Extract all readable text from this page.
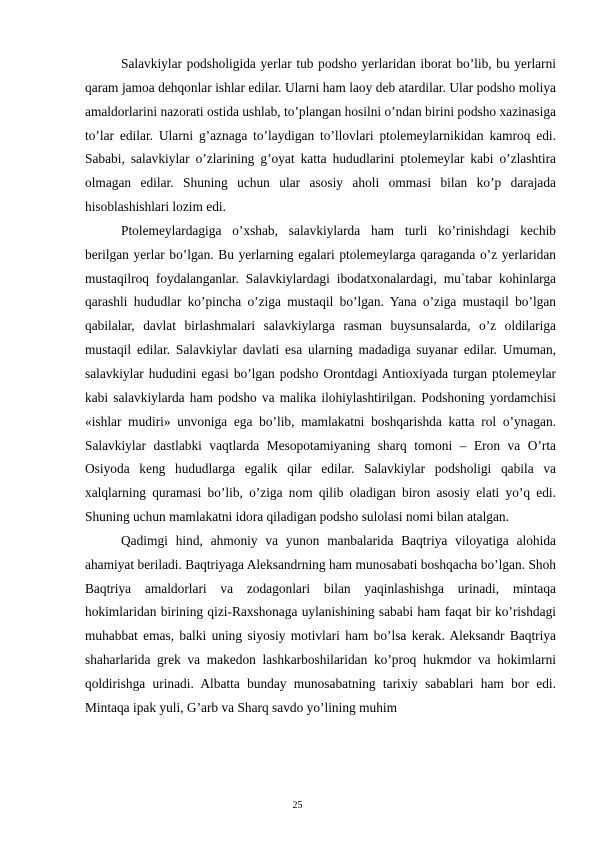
Salavkiylar podsholigida yerlar tub podsho yerlaridan iborat bo’lib, bu yerlarni qaram jamoa dehqonlar ishlar edilar. Ularni ham laoy deb atardilar. Ular podsho moliya amaldorlarini nazorati ostida ushlab, to’plangan hosilni o’ndan birini podsho xazinasiga to’lar edilar. Ularni g’aznaga to’laydigan to’llovlari ptolemeylarnikidan kamroq edi. Sababi, salavkiylar o’zlarining g’oyat katta hududlarini ptolemeylar kabi o’zlashtira olmagan edilar. Shuning uchun ular asosiy aholi ommasi bilan ko’p darajada hisoblashishlari lozim edi.

Ptolemeylardagiga o’xshab, salavkiylarda ham turli ko’rinishdagi kechib berilgan yerlar bo’lgan. Bu yerlarning egalari ptolemeylarga qaraganda o’z yerlaridan mustaqilroq foydalanganlar. Salavkiylardagi ibodatxonalardagi, mu`tabar kohinlarga qarashli hududlar ko’pincha o’ziga mustaqil bo’lgan. Yana o’ziga mustaqil bo’lgan qabilalar, davlat birlashmalari salavkiylarga rasman buysunsalarda, o’z oldilariga mustaqil edilar. Salavkiylar davlati esa ularning madadiga suyanar edilar. Umuman, salavkiylar hududini egasi bo’lgan podsho Orontdagi Antioxiyada turgan ptolemeylar kabi salavkiylarda ham podsho va malika ilohiylashtirilgan. Podshoning yordamchisi «ishlar mudiri» unvoniga ega bo’lib, mamlakatni boshqarishda katta rol o’ynagan. Salavkiylar dastlabki vaqtlarda Mesopotamiyaning sharq tomoni – Eron va O’rta Osiyoda keng hududlarga egalik qilar edilar. Salavkiylar podsholigi qabila va xalqlarning quramasi bo’lib, o’ziga nom qilib oladigan biron asosiy elati yo’q edi. Shuning uchun mamlakatni idora qiladigan podsho sulolasi nomi bilan atalgan.

Qadimgi hind, ahmoniy va yunon manbalarida Baqtriya viloyatiga alohida ahamiyat beriladi. Baqtriyaga Aleksandrning ham munosabati boshqacha bo’lgan. Shoh Baqtriya amaldorlari va zodagonlari bilan yaqinlashishga urinadi, mintaqa hokimlaridan birining qizi-Raxshonaga uylanishining sababi ham faqat bir ko’rishdagi muhabbat emas, balki uning siyosiy motivlari ham bo’lsa kerak. Aleksandr Baqtriya shaharlarida grek va makedon lashkarboshilaridan ko’proq hukmdor va hokimlarni qoldirishga urinadi. Albatta bunday munosabatning tarixiy sabablari ham bor edi. Mintaqa ipak yuli, G’arb va Sharq savdo yo’lining muhim

25
